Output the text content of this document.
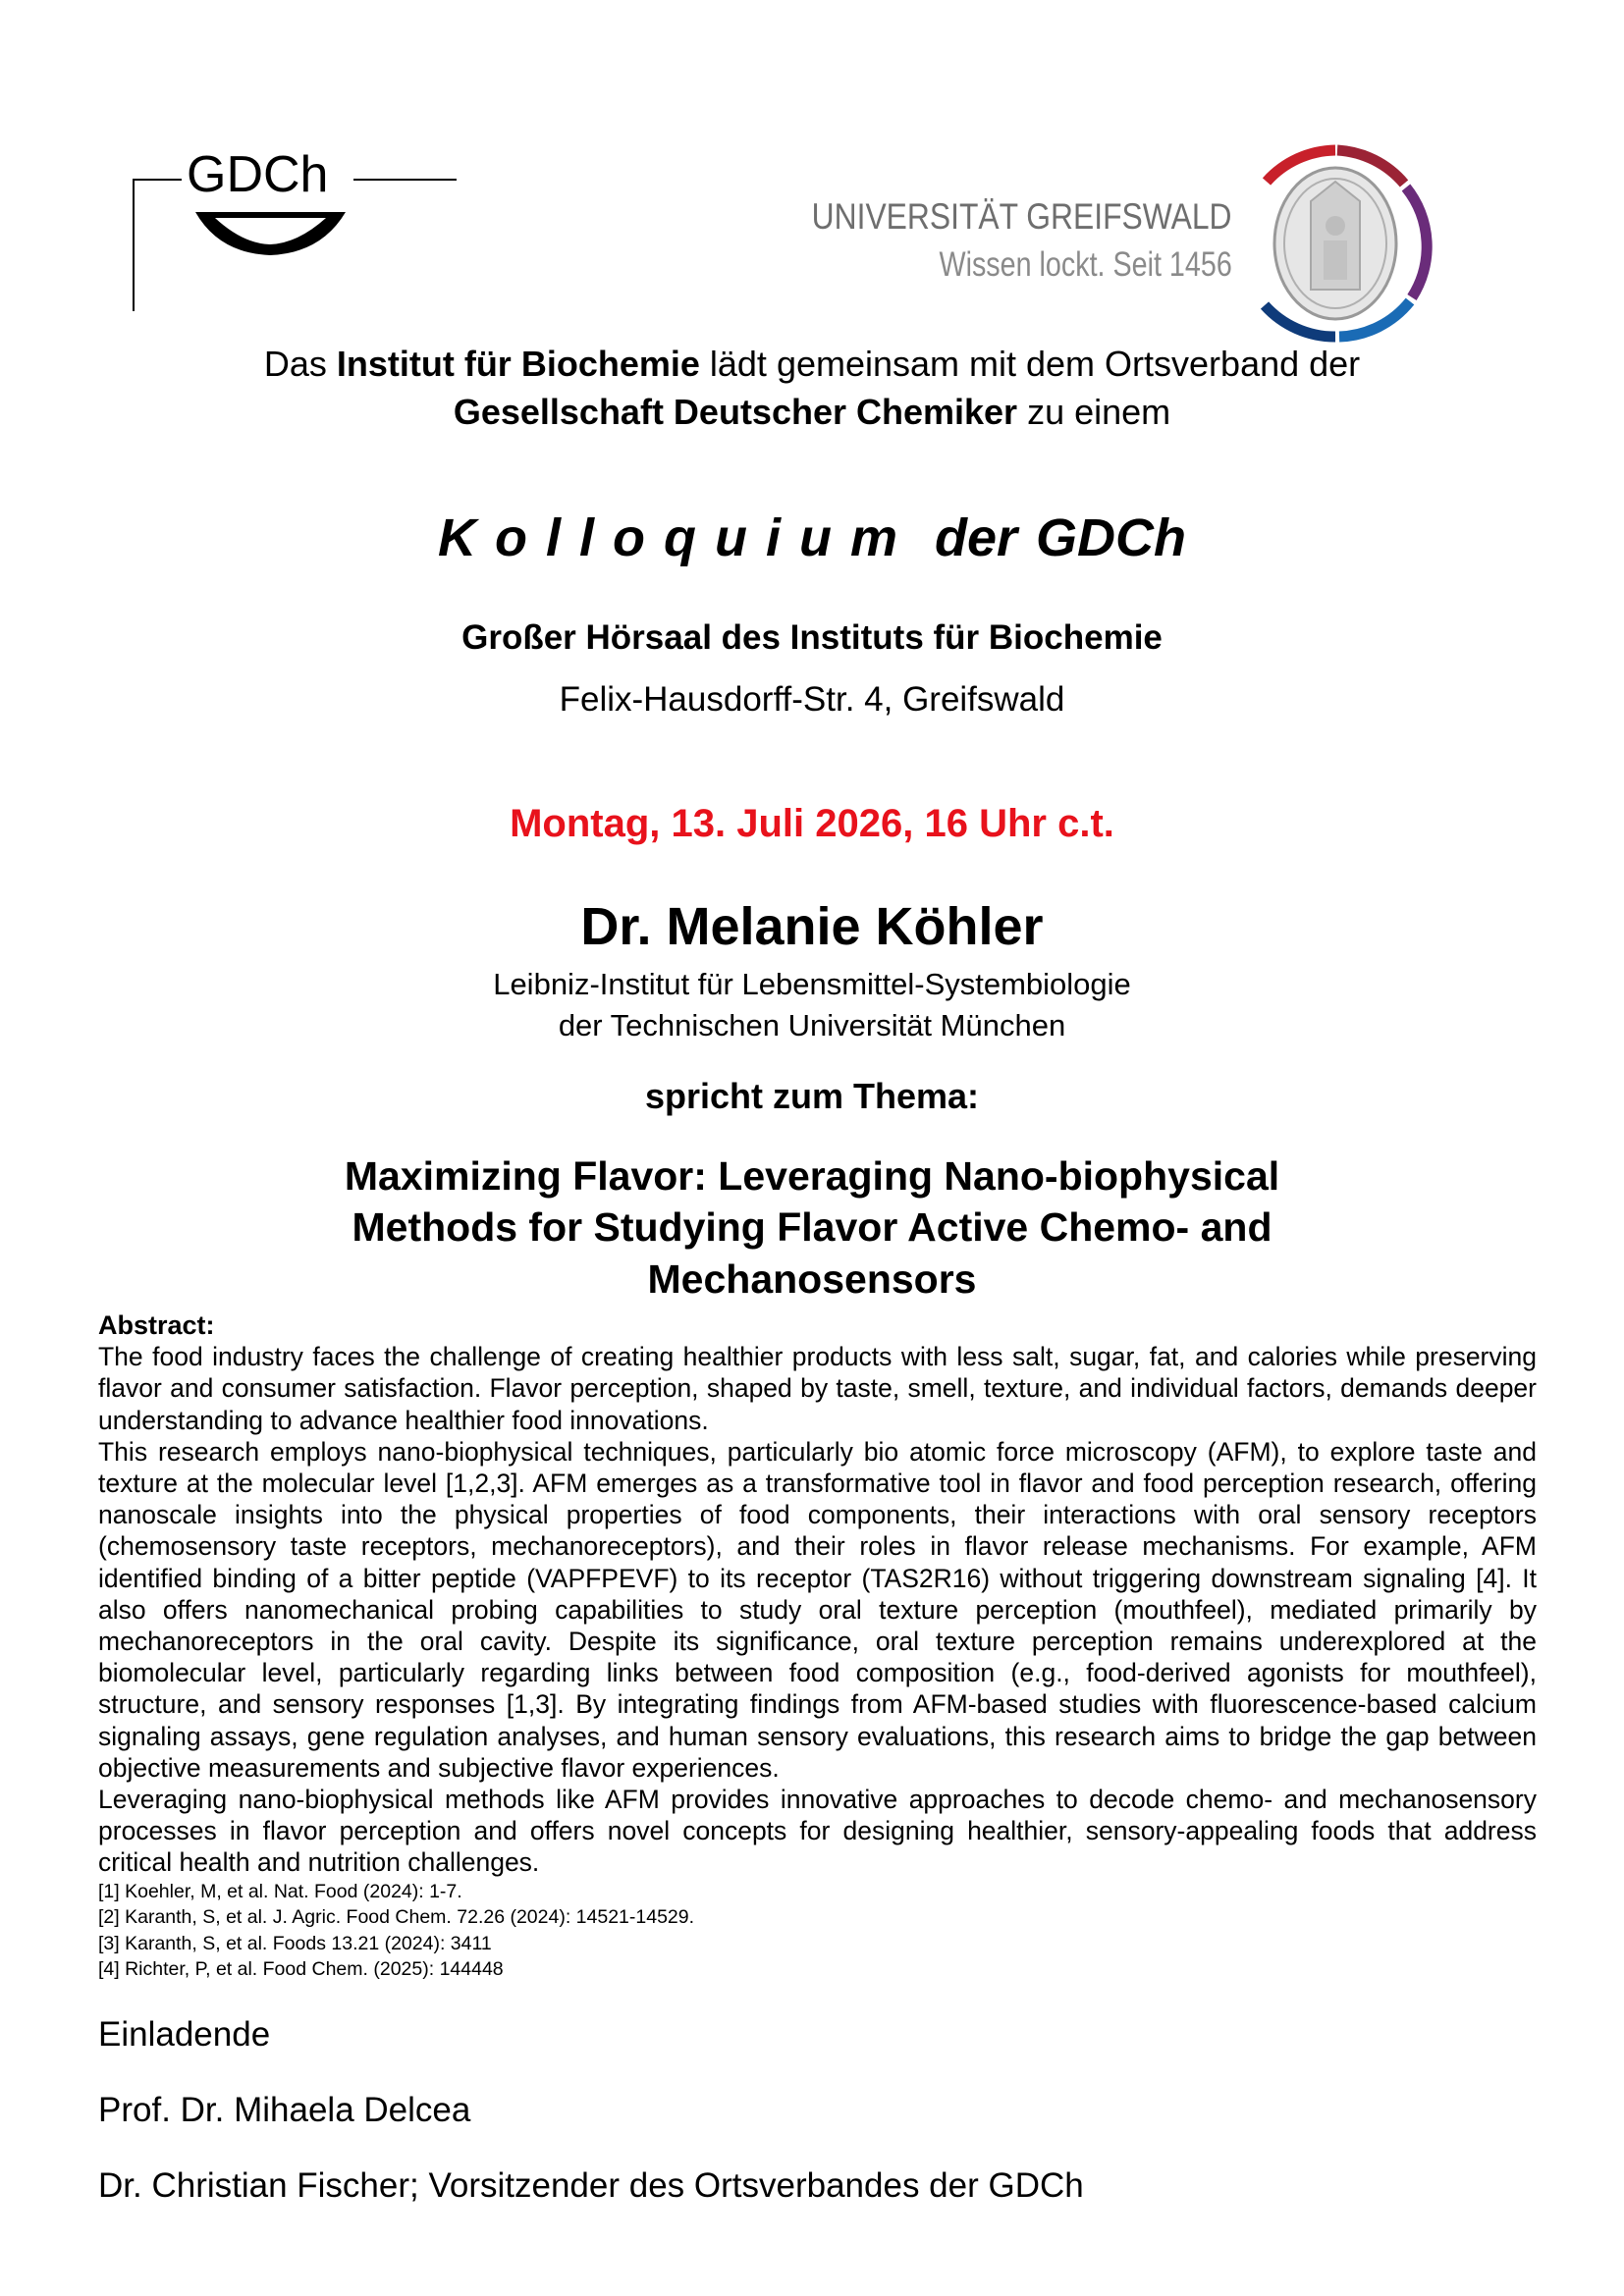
GDCh
UNIVERSITÄT GREIFSWALD
Wissen lockt. Seit 1456
Das Institut für Biochemie lädt gemeinsam mit dem Ortsverband der
Gesellschaft Deutscher Chemiker zu einem
K o l l o q u i u m  der GDCh
Großer Hörsaal des Instituts für Biochemie
Felix-Hausdorff-Str. 4, Greifswald
Montag, 13. Juli 2026, 16 Uhr c.t.
Dr. Melanie Köhler
Leibniz-Institut für Lebensmittel-Systembiologie
der Technischen Universität München
spricht zum Thema:
Maximizing Flavor: Leveraging Nano-biophysical
Methods for Studying Flavor Active Chemo- and
Mechanosensors
Abstract:

The food industry faces the challenge of creating healthier products with less salt, sugar, fat, and calories while preserving flavor and consumer satisfaction. Flavor perception, shaped by taste, smell, texture, and individual factors, demands deeper understanding to advance healthier food innovations.

This research employs nano-biophysical techniques, particularly bio atomic force microscopy (AFM), to explore taste and texture at the molecular level [1,2,3]. AFM emerges as a transformative tool in flavor and food perception research, offering nanoscale insights into the physical properties of food components, their interactions with oral sensory receptors (chemosensory taste receptors, mechanoreceptors), and their roles in flavor release mechanisms. For example, AFM identified binding of a bitter peptide (VAPFPEVF) to its receptor (TAS2R16) without triggering downstream signaling [4]. It also offers nanomechanical probing capabilities to study oral texture perception (mouthfeel), mediated primarily by mechanoreceptors in the oral cavity. Despite its significance, oral texture perception remains underexplored at the biomolecular level, particularly regarding links between food composition (e.g., food-derived agonists for mouthfeel), structure, and sensory responses [1,3]. By integrating findings from AFM-based studies with fluorescence-based calcium signaling assays, gene regulation analyses, and human sensory evaluations, this research aims to bridge the gap between objective measurements and subjective flavor experiences.

Leveraging nano-biophysical methods like AFM provides innovative approaches to decode chemo- and mechanosensory processes in flavor perception and offers novel concepts for designing healthier, sensory-appealing foods that address critical health and nutrition challenges.

[1] Koehler, M, et al. Nat. Food (2024): 1-7.
[2] Karanth, S, et al. J. Agric. Food Chem. 72.26 (2024): 14521-14529.
[3] Karanth, S, et al. Foods 13.21 (2024): 3411
[4] Richter, P, et al. Food Chem. (2025): 144448
Einladende
Prof. Dr. Mihaela Delcea
Dr. Christian Fischer; Vorsitzender des Ortsverbandes der GDCh
